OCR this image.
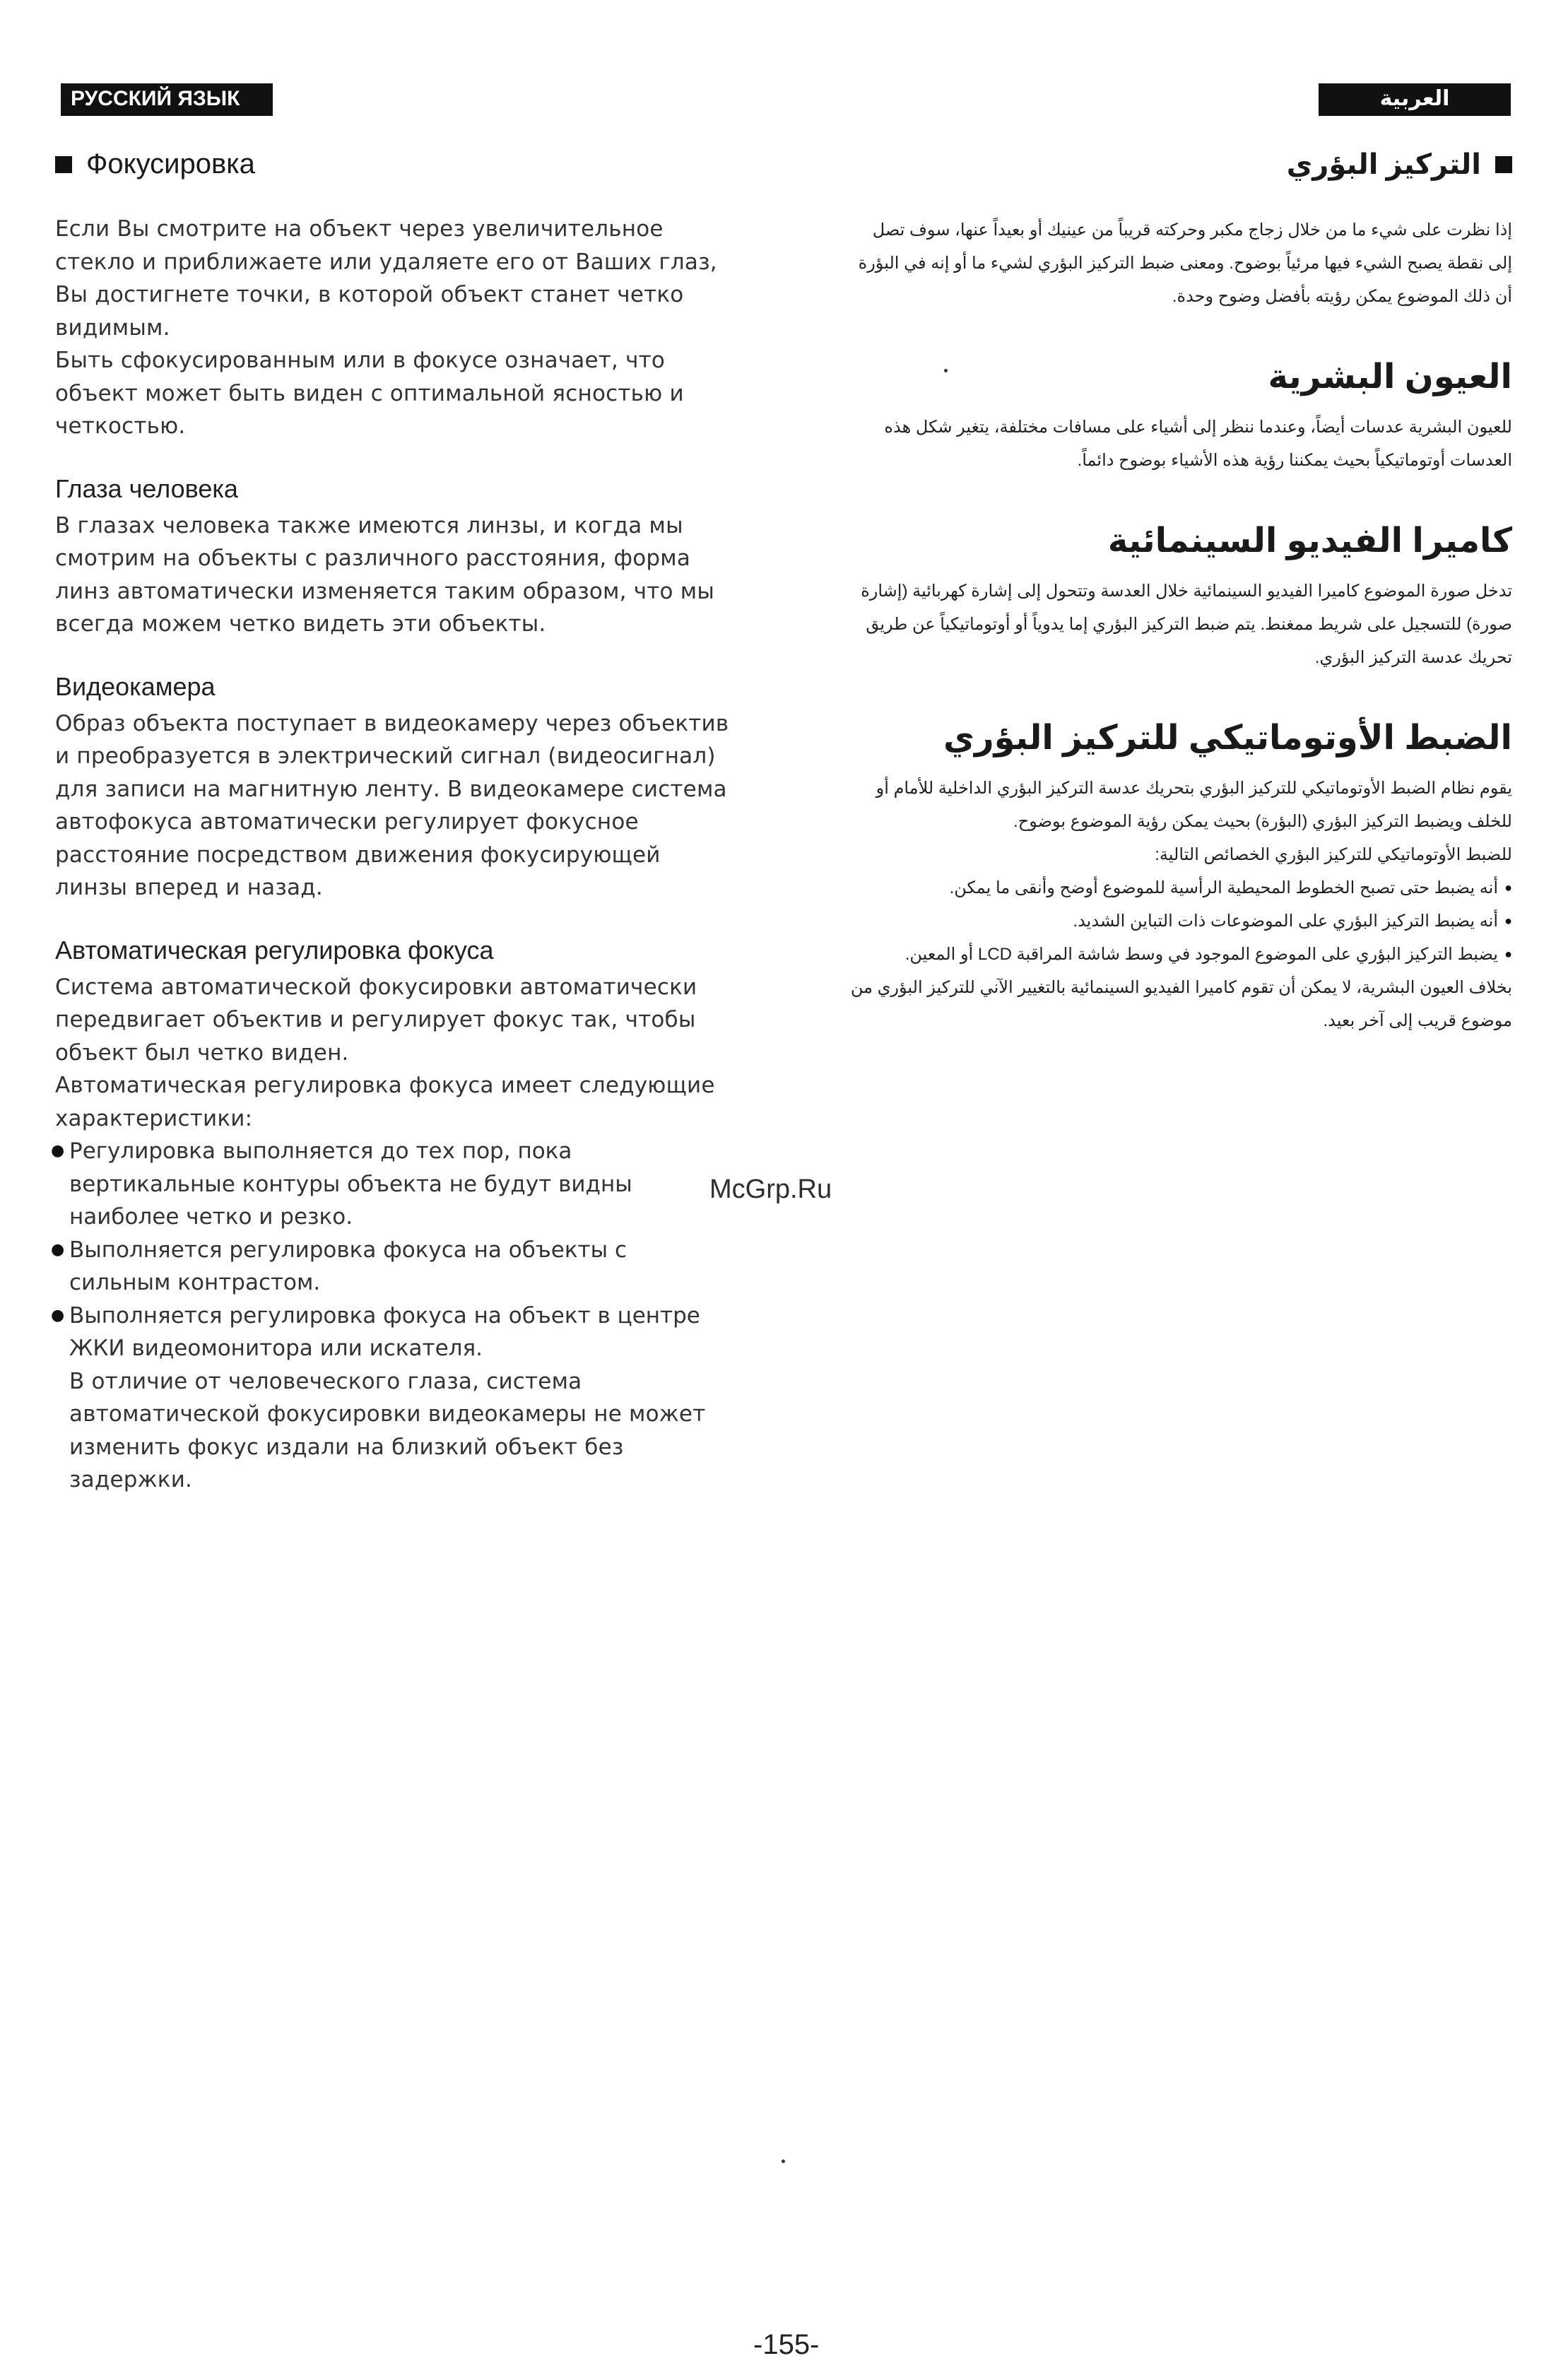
РУССКИЙ ЯЗЫК	العربية
Фокусировка

Если Вы смотрите на объект через увеличительное стекло и приближаете или удаляете его от Ваших глаз, Вы достигнете точки, в которой объект станет четко видимым.

Быть сфокусированным или в фокусе означает, что объект может быть виден с оптимальной ясностью и четкостью.

Глаза человека

В глазах человека также имеются линзы, и когда мы смотрим на объекты с различного расстояния, форма линз автоматически изменяется таким образом, что мы всегда можем четко видеть эти объекты.

Видеокамера

Образ объекта поступает в видеокамеру через объектив и преобразуется в электрический сигнал (видеосигнал) для записи на магнитную ленту. В видеокамере система автофокуса автоматически регулирует фокусное расстояние посредством движения фокусирующей линзы вперед и назад.

Автоматическая регулировка фокуса

Система автоматической фокусировки автоматически передвигает объектив и регулирует фокус так, чтобы объект был четко виден.

Автоматическая регулировка фокуса имеет следующие характеристики:

● Регулировка выполняется до тех пор, пока вертикальные контуры объекта не будут видны наиболее четко и резко.
● Выполняется регулировка фокуса на объекты с сильным контрастом.
● Выполняется регулировка фокуса на объект в центре ЖКИ видеомонитора или искателя.

В отличие от человеческого глаза, система автоматической фокусировки видеокамеры не может изменить фокус издали на близкий объект без задержки.

التركيز البؤري

إذا نظرت على شيء ما من خلال زجاج مكبر وحركته قريباً من عينيك أو بعيداً عنها، سوف تصل إلى نقطة يصبح الشيء فيها مرئياً بوضوح. ومعنى ضبط التركيز البؤري لشيء ما أو إنه في البؤرة أن ذلك الموضوع يمكن رؤيته بأفضل وضوح وحدة.

العيون البشرية

للعيون البشرية عدسات أيضاً، وعندما ننظر إلى أشياء على مسافات مختلفة، يتغير شكل هذه العدسات أوتوماتيكياً بحيث يمكننا رؤية هذه الأشياء بوضوح دائماً.

كاميرا الفيديو السينمائية

تدخل صورة الموضوع كاميرا الفيديو السينمائية خلال العدسة وتتحول إلى إشارة كهربائية (إشارة صورة) للتسجيل على شريط ممغنط. يتم ضبط التركيز البؤري إما يدوياً أو أوتوماتيكياً عن طريق تحريك عدسة التركيز البؤري.

الضبط الأوتوماتيكي للتركيز البؤري

يقوم نظام الضبط الأوتوماتيكي للتركيز البؤري بتحريك عدسة التركيز البؤري الداخلية للأمام أو للخلف ويضبط التركيز البؤري (البؤرة) بحيث يمكن رؤية الموضوع بوضوح.

للضبط الأوتوماتيكي للتركيز البؤري الخصائص التالية:

● أنه يضبط حتى تصبح الخطوط المحيطية الرأسية للموضوع أوضح وأنقى ما يمكن.
● أنه يضبط التركيز البؤري على الموضوعات ذات التباين الشديد.
● يضبط التركيز البؤري على الموضوع الموجود في وسط شاشة المراقبة LCD أو المعين.

بخلاف العيون البشرية، لا يمكن أن تقوم كاميرا الفيديو السينمائية بالتغيير الآني للتركيز البؤري من موضوع قريب إلى آخر بعيد.

McGrp.Ru
-155-
